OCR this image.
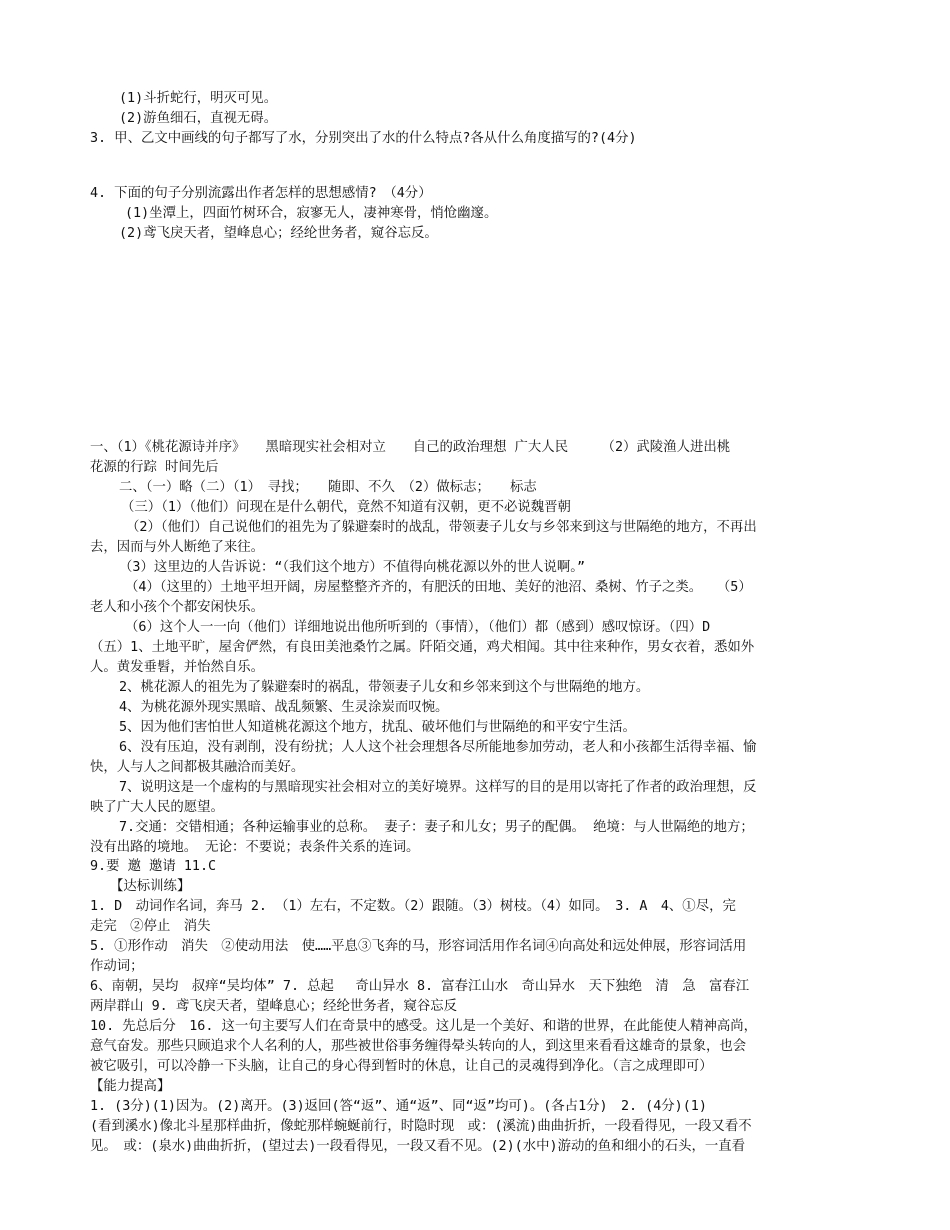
(1)斗折蛇行，明灭可见。
(2)游鱼细石，直视无碍。
3. 甲、乙文中画线的句子都写了水，分别突出了水的什么特点?各从什么角度描写的?(4分)
4. 下面的句子分别流露出作者怎样的思想感情?　（4分）
(1)坐潭上，四面竹树环合，寂寥无人，凄神寒骨，悄怆幽邃。
(2)鸢飞戾天者，望峰息心；经纶世务者，窥谷忘反。
一、（1）《桃花源诗并序》　　黑暗现实社会相对立　　自己的政治理想 广大人民　　　（2）武陵渔人进出桃
花源的行踪 时间先后
二、（一）略（二）（1）　寻找；　　随即、不久　（2）做标志；　　标志
（三）（1）（他们）问现在是什么朝代，竟然不知道有汉朝，更不必说魏晋朝
（2）（他们）自己说他们的祖先为了躲避秦时的战乱，带领妻子儿女与乡邻来到这与世隔绝的地方，不再出
去，因而与外人断绝了来往。
（3）这里边的人告诉说：“（我们这个地方）不值得向桃花源以外的世人说啊。”
（4）（这里的）土地平坦开阔，房屋整整齐齐的，有肥沃的田地、美好的池沼、桑树、竹子之类。　 （5）
老人和小孩个个都安闲快乐。
（6）这个人一一向（他们）详细地说出他所听到的（事情），（他们）都（感到）感叹惊讶。（四）D
（五）1、土地平旷，屋舍俨然，有良田美池桑竹之属。阡陌交通，鸡犬相闻。其中往来种作，男女衣着，悉如外
人。黄发垂髫，并怡然自乐。
2、桃花源人的祖先为了躲避秦时的祸乱，带领妻子儿女和乡邻来到这个与世隔绝的地方。
4、为桃花源外现实黑暗、战乱频繁、生灵涂炭而叹惋。
5、因为他们害怕世人知道桃花源这个地方，扰乱、破坏他们与世隔绝的和平安宁生活。
6、没有压迫，没有剥削，没有纷扰；人人这个社会理想各尽所能地参加劳动，老人和小孩都生活得幸福、愉
快，人与人之间都极其融洽而美好。
7、说明这是一个虚构的与黑暗现实社会相对立的美好境界。这样写的目的是用以寄托了作者的政治理想，反
映了广大人民的愿望。
7.交通：交错相通；各种运输事业的总称。 妻子：妻子和儿女；男子的配偶。 绝境：与人世隔绝的地方；
没有出路的境地。 无论：不要说；表条件关系的连词。
9.要 邀 邀请 11.C
【达标训练】
1. D　动词作名词，奔马 2. （1）左右，不定数。（2）跟随。（3）树枝。（4）如同。　3. A　4、①尽，完
走完　②停止　消失
5. ①形作动　消失　②使动用法　使……平息③飞奔的马，形容词活用作名词④向高处和远处伸展，形容词活用
作动词；
6、南朝，吴均　叔痒“吴均体” 7. 总起　 奇山异水 8. 富春江山水　奇山异水　天下独绝　清　急　富春江
两岸群山 9. 鸢飞戾天者，望峰息心；经纶世务者，窥谷忘反
10. 先总后分　16. 这一句主要写人们在奇景中的感受。这儿是一个美好、和谐的世界，在此能使人精神高尚，
意气奋发。那些只顾追求个人名利的人，那些被世俗事务缠得晕头转向的人，到这里来看看这雄奇的景象，也会
被它吸引，可以冷静一下头脑，让自己的身心得到暂时的休息，让自己的灵魂得到净化。（言之成理即可）
【能力提高】
1. (3分)(1)因为。(2)离开。(3)返回(答“返”、通“返”、同“返”均可)。(各占1分)　2. (4分)(1)
(看到溪水)像北斗星那样曲折，像蛇那样蜿蜒前行，时隐时现　或：(溪流)曲曲折折，一段看得见，一段又看不
见。　或：(泉水)曲曲折折，(望过去)一段看得见，一段又看不见。(2)(水中)游动的鱼和细小的石头，一直看
